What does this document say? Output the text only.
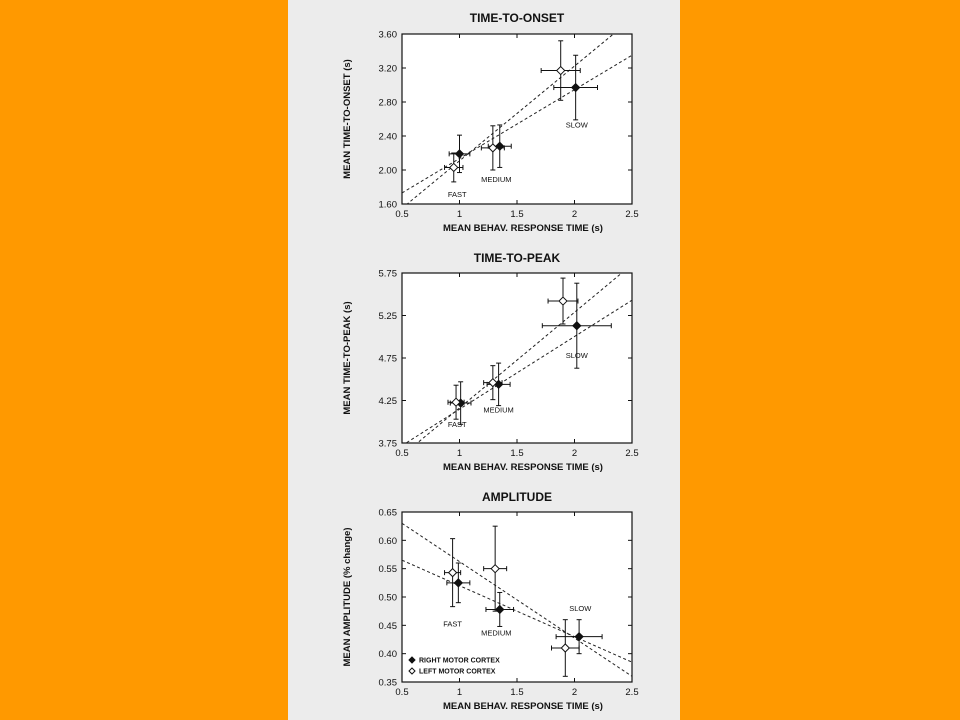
TIME-TO-ONSET
0.5	1	1.5	2	2.5
1.60
2.00
2.40
2.80
3.20
3.60
MEAN BEHAV. RESPONSE TIME (s)
MEAN TIME-TO-ONSET (s)
FAST
MEDIUM
SLOW
TIME-TO-PEAK
0.5	1	1.5	2	2.5
3.75
4.25
4.75
5.25
5.75
MEAN BEHAV. RESPONSE TIME (s)
MEAN TIME-TO-PEAK (s)
FAST
MEDIUM
SLOW
AMPLITUDE
0.5	1	1.5	2	2.5
0.35
0.40
0.45
0.50
0.55
0.60
0.65
MEAN BEHAV. RESPONSE TIME (s)
MEAN AMPLITUDE (% change)	FAST
MEDIUM
SLOW
RIGHT MOTOR CORTEX
LEFT MOTOR CORTEX
